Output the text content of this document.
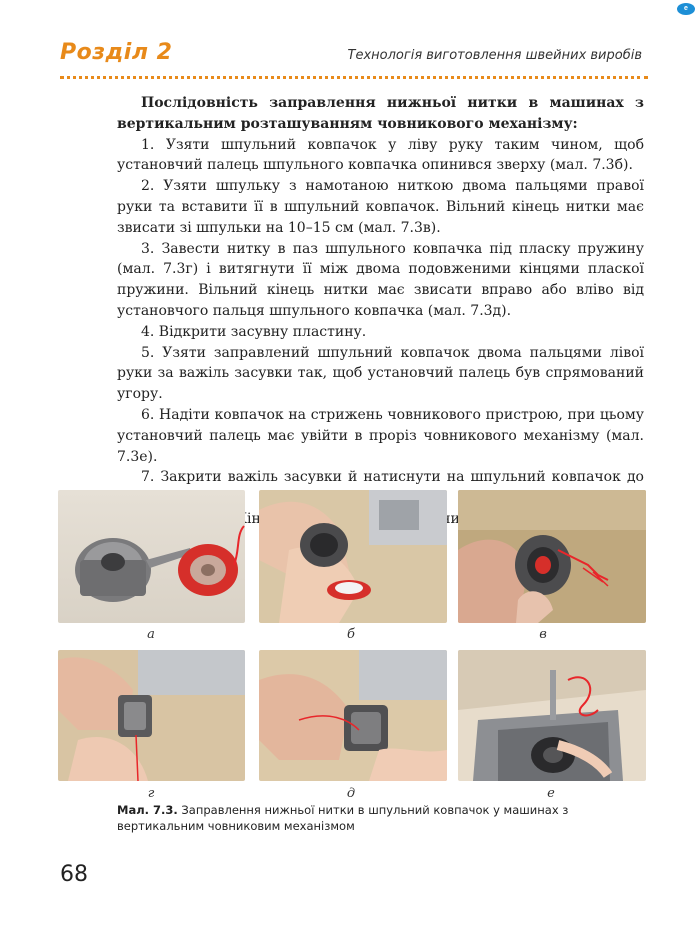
e
Розділ 2	Технологія виготовлення швейних виробів

Послідовність заправлення нижньої нитки в машинах з вертикальним розташуванням човникового механізму:

1. Узяти шпульний ковпачок у ліву руку таким чином, щоб установчий палець шпульного ковпачка опинився зверху (мал. 7.3б).

2. Узяти шпульку з намотаною ниткою двома пальцями правої руки та вставити її в шпульний ковпачок. Вільний кінець нитки має звисати зі шпульки на 10–15 см (мал. 7.3в).

3. Завести нитку в паз шпульного ковпачка під пласку пружину (мал. 7.3г) і витягнути її між двома подовженими кінцями пласкої пружини. Вільний кінець нитки має звисати вправо або вліво від установчого пальця шпульного ковпачка (мал. 7.3д).

4. Відкрити засувну пластину.

5. Узяти заправлений шпульний ковпачок двома пальцями лівої руки за важіль засувки так, щоб установчий палець був спрямований угору.

6. Надіти ковпачок на стрижень човникового пристрою, при цьому установчий палець має увійти в проріз човникового механізму (мал. 7.3е).

7. Закрити важіль засувки й натиснути на шпульний ковпачок до

вниз.

а	б	в
г	д	е
Мал. 7.3. Заправлення нижньої нитки в шпульний ковпачок у машинах з вертикальним човниковим механізмом
68
